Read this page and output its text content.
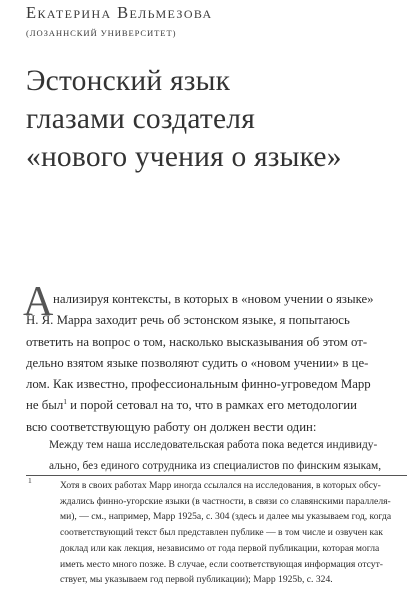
Екатерина Вельмезова
(ЛОЗАННСКИЙ УНИВЕРСИТЕТ)
Эстонский язык
глазами создателя
«нового учения о языке»
А нализируя контексты, в которых в «новом учении о языке»
Н. Я. Марра заходит речь об эстонском языке, я попытаюсь
ответить на вопрос о том, насколько высказывания об этом от-
дельно взятом языке позволяют судить о «новом учении» в це-
лом. Как известно, профессиональным финно-угроведом Марр
не был$^1$ и порой сетовал на то, что в рамках его методологии
всю соответствующую работу он должен вести один:
Между тем наша исследовательская работа пока ведется индивиду-
ально, без единого сотрудника из специалистов по финским языкам,
1	Хотя в своих работах Марр иногда ссылался на исследования, в которых обсу-
ждались финно-угорские языки (в частности, в связи со славянскими параллеля-
ми), — см., например, Марр 1925а, с. 304 (здесь и далее мы указываем год, когда
соответствующий текст был представлен публике — в том числе и озвучен как
доклад или как лекция, независимо от года первой публикации, которая могла
иметь место много позже. В случае, если соответствующая информация отсут-
ствует, мы указываем год первой публикации); Марр 1925b, с. 324.
